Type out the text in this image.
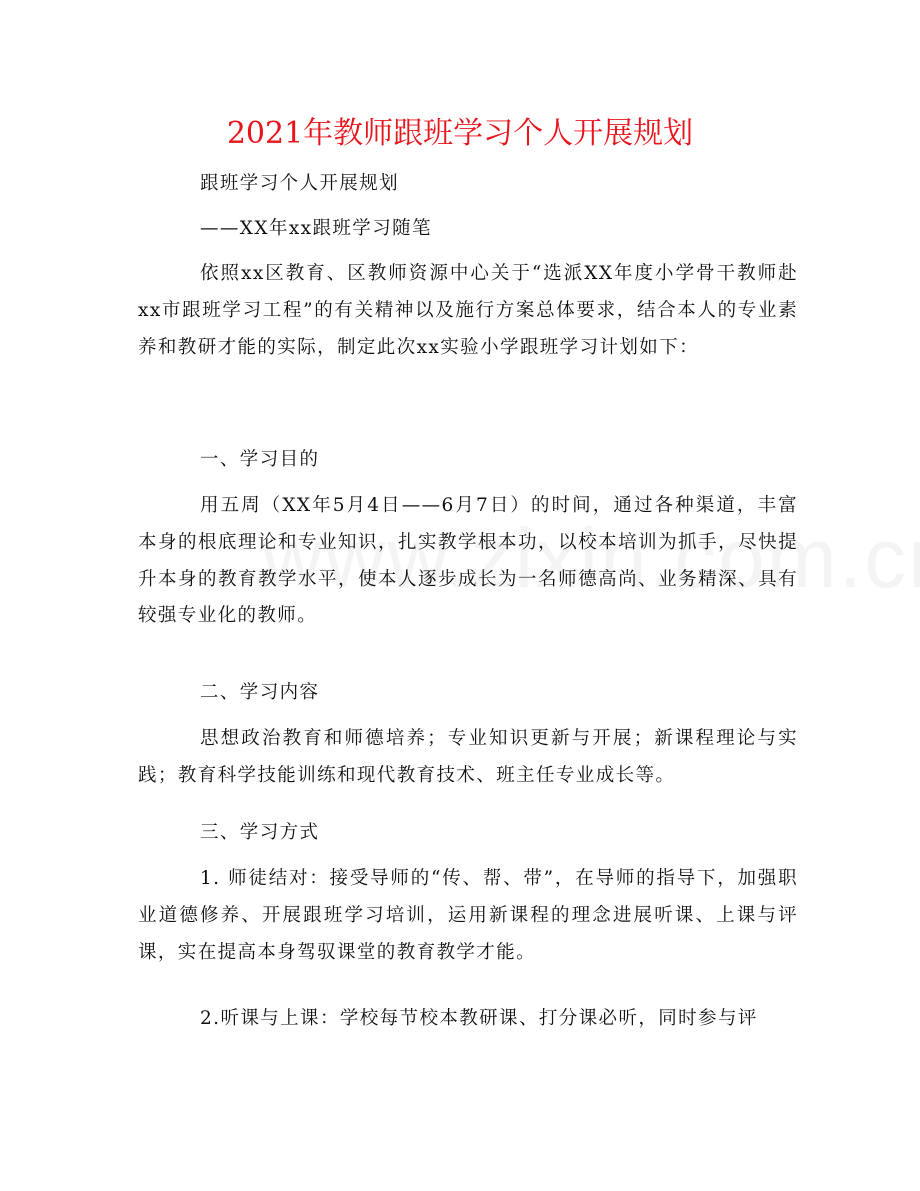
2021年教师跟班学习个人开展规划
跟班学习个人开展规划
——XX年xx跟班学习随笔
依照xx区教育、区教师资源中心关于“选派XX年度小学骨干教师赴xx市跟班学习工程”的有关精神以及施行方案总体要求，结合本人的专业素养和教研才能的实际，制定此次xx实验小学跟班学习计划如下：
一、学习目的
用五周（XX年5月4日——6月7日）的时间，通过各种渠道，丰富本身的根底理论和专业知识，扎实教学根本功，以校本培训为抓手，尽快提升本身的教育教学水平，使本人逐步成长为一名师德高尚、业务精深、具有较强专业化的教师。
二、学习内容
思想政治教育和师德培养；专业知识更新与开展；新课程理论与实践；教育科学技能训练和现代教育技术、班主任专业成长等。
三、学习方式
1. 师徒结对：接受导师的“传、帮、带”，在导师的指导下，加强职业道德修养、开展跟班学习培训，运用新课程的理念进展听课、上课与评课，实在提高本身驾驭课堂的教育教学才能。
2.听课与上课：学校每节校本教研课、打分课必听，同时参与评
